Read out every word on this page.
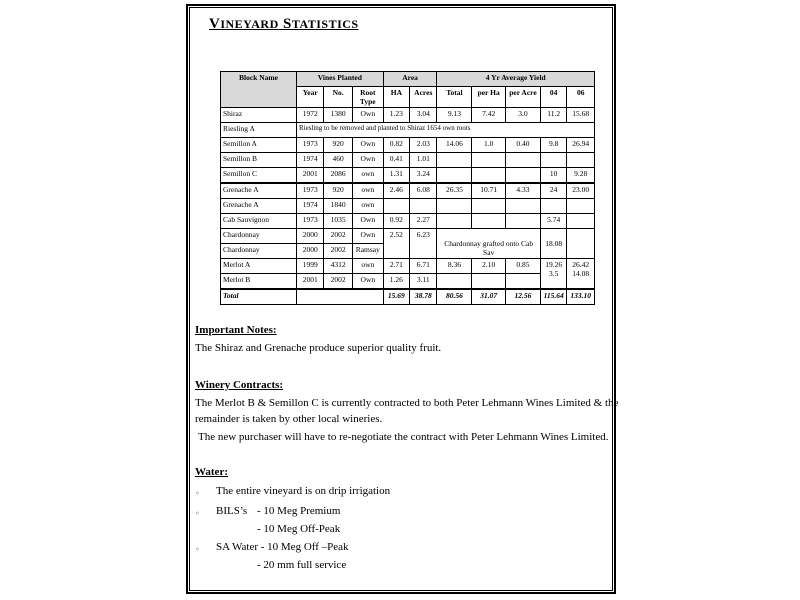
VINEYARD STATISTICS
Block Name	Vines Planted			Area		4 Yr Average Yield				
	Year	No.	Root Type	HA	Acres	Total	per Ha	per Acre	04	06
Shiraz	1972	1380	Own	1.23	3.04	9.13	7.42	3.0	11.2	15.68
Riesling A	Riesling to be removed and planted to Shiraz 1654 own roots									
Semillon A	1973	920	Own	0.82	2.03	14.06	1.0	0.40	9.8	26.94
Semillon B	1974	460	Own	0.41	1.01					
Semillon C	2001	2086	own	1.31	3.24				10	9.28
Grenache A	1973	920	own	2.46	6.08	26.35	10.71	4.33	24	23.00
Grenache A	1974	1840	own							
Cab Sauvignon	1973	1035	Own	0.92	2.27				5.74	
Chardonnay	2000	2002	Own	2.52	6.23	Chardonnay grafted onto Cab Sav			18.08	
Chardonnay	2000	2002	Ramsay							
Merlot A	1999	4312	own	2.71	6.71	8.36	2.10	0.85	19.26 3.5	26.42 14.08
Merlot B	2001	2002	Own	1.26	3.11					
Total				15.69	38.78	80.56	31.07	12.56	115.64	133.10
Important Notes:
The Shiraz and Grenache produce superior quality fruit.
Winery Contracts:
The Merlot B & Semillon C is currently contracted to both Peter Lehmann Wines Limited & the
remainder is taken by other local wineries.
The new purchaser will have to re-negotiate the contract with Peter Lehmann Wines Limited.
Water:
◦ The entire vineyard is on drip irrigation
◦ BILS’s - 10 Meg Premium
- 10 Meg Off-Peak
◦ SA Water - 10 Meg Off –Peak
- 20 mm full service
